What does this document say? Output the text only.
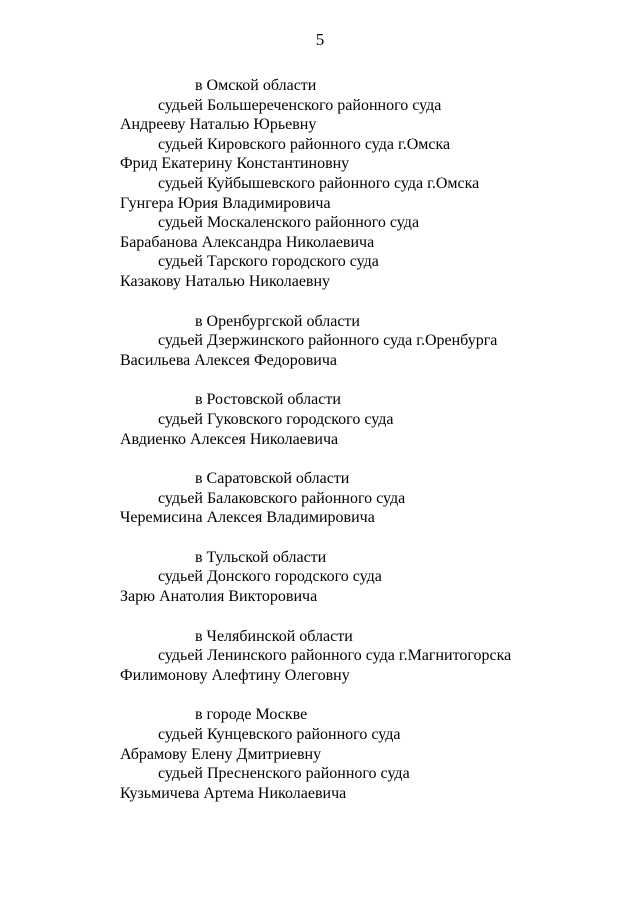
5
в Омской области
судьей Большереченского районного суда
Андрееву Наталью Юрьевну
судьей Кировского районного суда г.Омска
Фрид Екатерину Константиновну
судьей Куйбышевского районного суда г.Омска
Гунгера Юрия Владимировича
судьей Москаленского районного суда
Барабанова Александра Николаевича
судьей Тарского городского суда
Казакову Наталью Николаевну
в Оренбургской области
судьей Дзержинского районного суда г.Оренбурга
Васильева Алексея Федоровича
в Ростовской области
судьей Гуковского городского суда
Авдиенко Алексея Николаевича
в Саратовской области
судьей Балаковского районного суда
Черемисина Алексея Владимировича
в Тульской области
судьей Донского городского суда
Зарю Анатолия Викторовича
в Челябинской области
судьей Ленинского районного суда г.Магнитогорска
Филимонову Алефтину Олеговну
в городе Москве
судьей Кунцевского районного суда
Абрамову Елену Дмитриевну
судьей Пресненского районного суда
Кузьмичева Артема Николаевича
